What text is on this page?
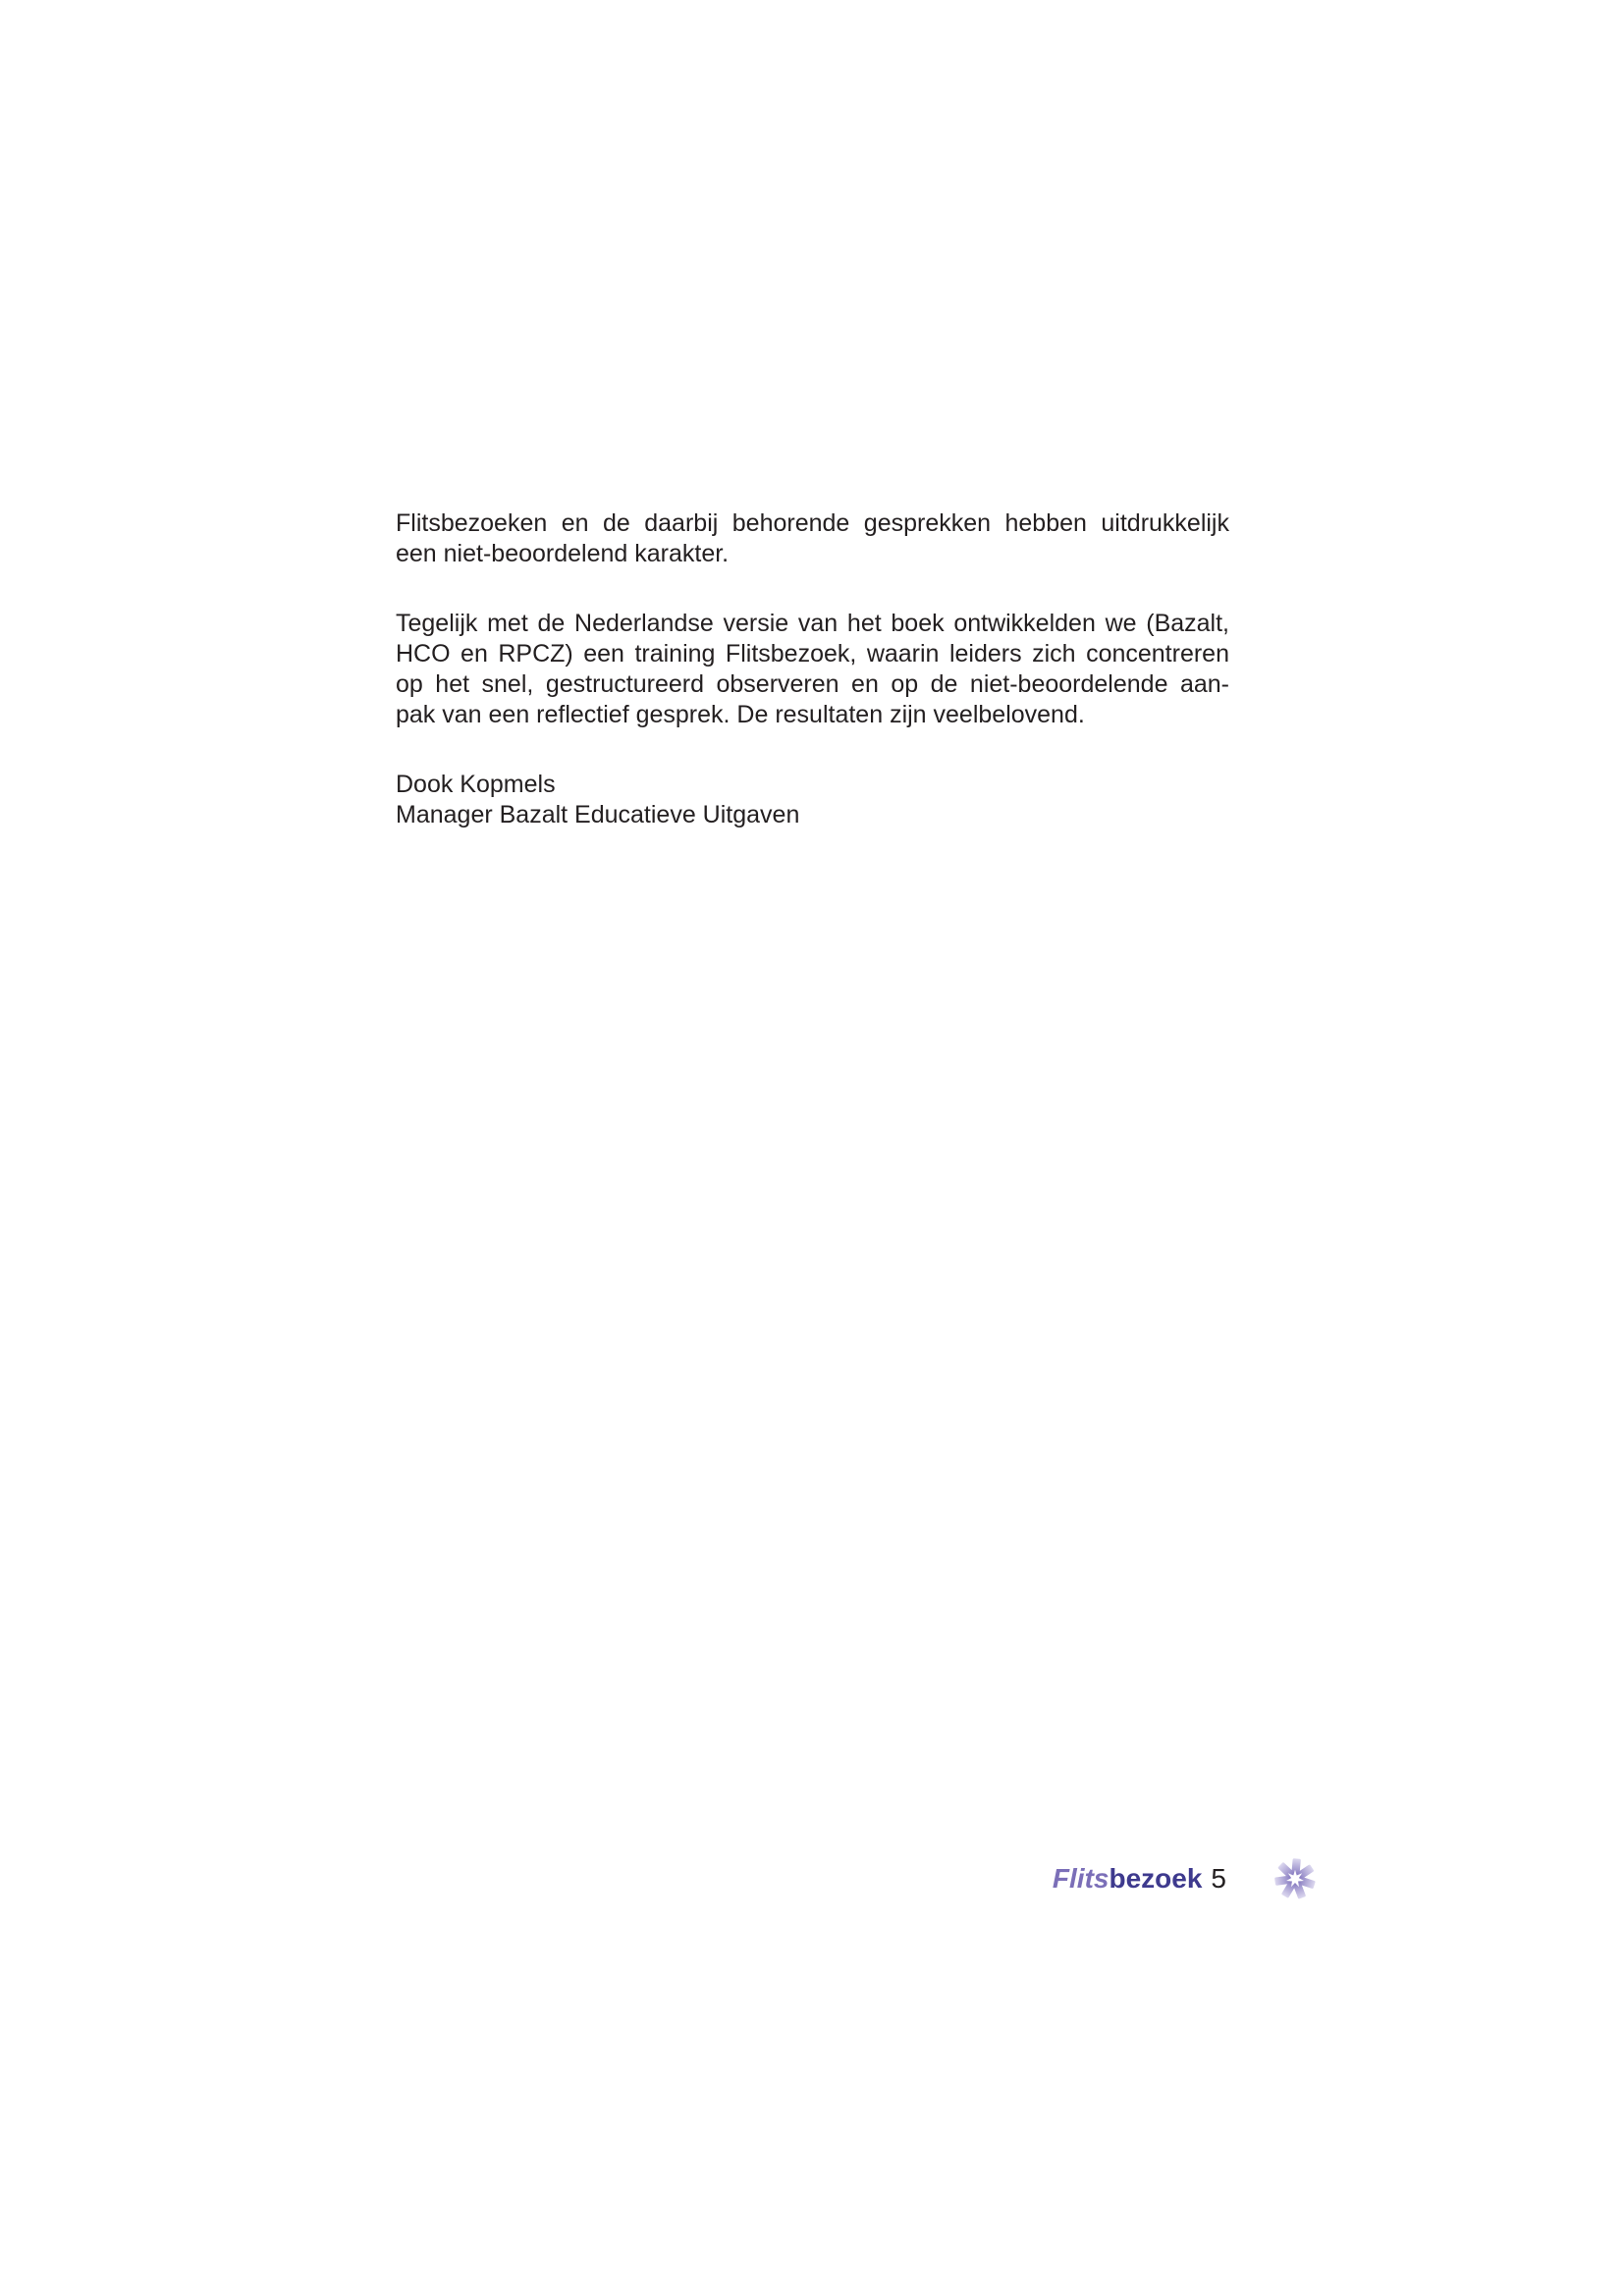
Flitsbezoeken en de daarbij behorende gesprekken hebben uitdrukkelijk
een niet-beoordelend karakter.
Tegelijk met de Nederlandse versie van het boek ontwikkelden we (Bazalt,
HCO en RPCZ) een training Flitsbezoek, waarin leiders zich concentreren
op het snel, gestructureerd observeren en op de niet-beoordelende aan-
pak van een reflectief gesprek. De resultaten zijn veelbelovend.
Dook Kopmels
Manager Bazalt Educatieve Uitgaven
Flitsbezoek 5
